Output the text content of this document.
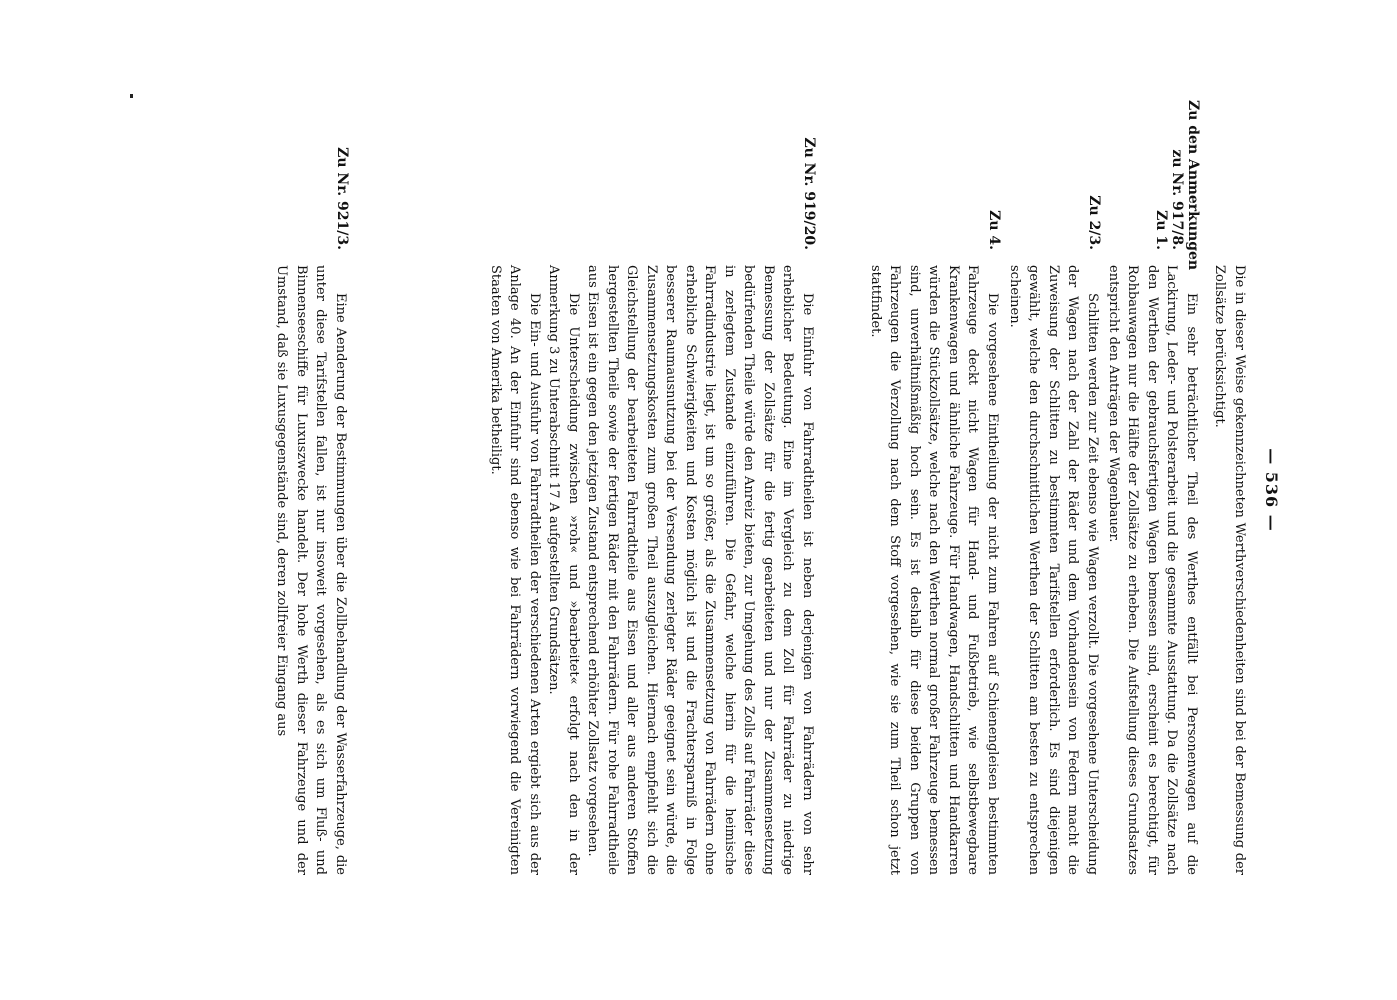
— 536 —

Die in dieser Weise gekennzeichneten Werthverschiedenheiten sind bei der Bemessung der Zollsätze berücksichtigt.

Zu den Anmerkungen
zu Nr. 917/8.
Zu 1.

Ein sehr beträchtlicher Theil des Werthes entfällt bei Personenwagen auf die Lackirung, Leder- und Polsterarbeit und die gesammte Ausstattung. Da die Zollsätze nach den Werthen der gebrauchsfertigen Wagen bemessen sind, erscheint es berechtigt, für Rohbauwagen nur die Hälfte der Zollsätze zu erheben. Die Aufstellung dieses Grundsatzes entspricht den Anträgen der Wagenbauer.

Zu 2/3.

Schlitten werden zur Zeit ebenso wie Wagen verzollt. Die vorgesehene Unterscheidung der Wagen nach der Zahl der Räder und dem Vorhandensein von Federn macht die Zuweisung der Schlitten zu bestimmten Tarifstellen erforderlich. Es sind diejenigen gewählt, welche den durchschnittlichen Werthen der Schlitten am besten zu entsprechen scheinen.

Zu 4.

Die vorgesehene Eintheilung der nicht zum Fahren auf Schienengleisen bestimmten Fahrzeuge deckt nicht Wagen für Hand- und Fußbetrieb, wie selbstbewegbare Krankenwagen und ähnliche Fahrzeuge. Für Handwagen, Handschlitten und Handkarren würden die Stückzollsätze, welche nach den Werthen normal großer Fahrzeuge bemessen sind, unverhältnißmäßig hoch sein. Es ist deshalb für diese beiden Gruppen von Fahrzeugen die Verzollung nach dem Stoff vorgesehen, wie sie zum Theil schon jetzt stattfindet.

Zu Nr. 919/20.

Die Einfuhr von Fahrradtheilen ist neben derjenigen von Fahrrädern von sehr erheblicher Bedeutung. Eine im Vergleich zu dem Zoll für Fahrräder zu niedrige Bemessung der Zollsätze für die fertig gearbeiteten und nur der Zusammensetzung bedürfenden Theile würde den Anreiz bieten, zur Umgehung des Zolls auf Fahrräder diese in zerlegtem Zustande einzuführen. Die Gefahr, welche hierin für die heimische Fahrradindustrie liegt, ist um so größer, als die Zusammensetzung von Fahrrädern ohne erhebliche Schwierigkeiten und Kosten möglich ist und die Frachtersparniß in Folge besserer Raumausnutzung bei der Versendung zerlegter Räder geeignet sein würde, die Zusammensetzungskosten zum großen Theil auszugleichen. Hiernach empfiehlt sich die Gleichstellung der bearbeiteten Fahrradtheile aus Eisen und aller aus anderen Stoffen hergestellten Theile sowie der fertigen Räder mit den Fahrrädern. Für rohe Fahrradtheile aus Eisen ist ein gegen den jetzigen Zustand entsprechend erhöhter Zollsatz vorgesehen.

Die Unterscheidung zwischen »roh« und »bearbeitet« erfolgt nach den in der Anmerkung 3 zu Unterabschnitt 17 A aufgestellten Grundsätzen.

Die Ein- und Ausfuhr von Fahrradtheilen der verschiedenen Arten ergiebt sich aus der Anlage 40. An der Einfuhr sind ebenso wie bei Fahrrädern vorwiegend die Vereinigten Staaten von Amerika betheiligt.

Zu Nr. 921/3.

Eine Aenderung der Bestimmungen über die Zollbehandlung der Wasserfahrzeuge, die unter diese Tarifstellen fallen, ist nur insoweit vorgesehen, als es sich um Fluß- und Binnenseeschiffe für Luxuszwecke handelt. Der hohe Werth dieser Fahrzeuge und der Umstand, daß sie Luxusgegenstände sind, deren zollfreier Eingang aus
